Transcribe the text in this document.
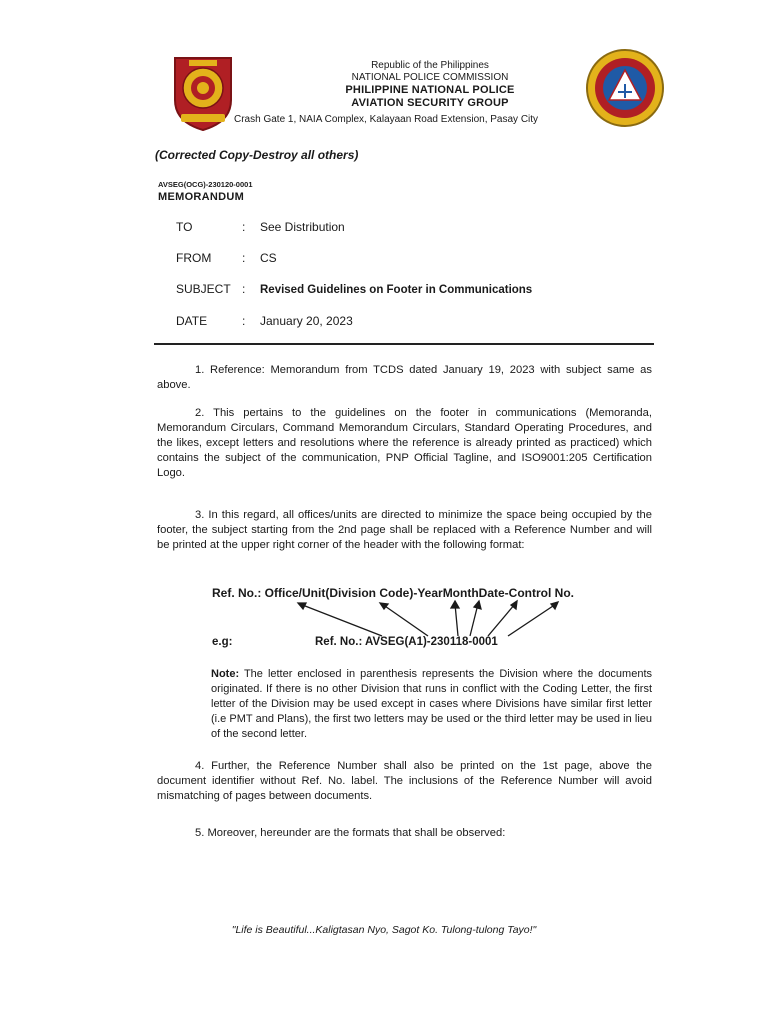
Republic of the Philippines
NATIONAL POLICE COMMISSION
PHILIPPINE NATIONAL POLICE
AVIATION SECURITY GROUP
Crash Gate 1, NAIA Complex, Kalayaan Road Extension, Pasay City
(Corrected Copy-Destroy all others)
AVSEG(OCG)-230120-0001
MEMORANDUM
TO	: See Distribution
FROM	: CS
SUBJECT : Revised Guidelines on Footer in Communications
DATE	: January 20, 2023
1. Reference: Memorandum from TCDS dated January 19, 2023 with subject same as above.
2. This pertains to the guidelines on the footer in communications (Memoranda, Memorandum Circulars, Command Memorandum Circulars, Standard Operating Procedures, and the likes, except letters and resolutions where the reference is already printed as practiced) which contains the subject of the communication, PNP Official Tagline, and ISO9001:205 Certification Logo.
3. In this regard, all offices/units are directed to minimize the space being occupied by the footer, the subject starting from the 2nd page shall be replaced with a Reference Number and will be printed at the upper right corner of the header with the following format:
Ref. No.: Office/Unit(Division Code)-YearMonthDate-Control No.
e.g:	Ref. No.: AVSEG(A1)-230118-0001
Note: The letter enclosed in parenthesis represents the Division where the documents originated. If there is no other Division that runs in conflict with the Coding Letter, the first letter of the Division may be used except in cases where Divisions have similar first letter (i.e PMT and Plans), the first two letters may be used or the third letter may be used in lieu of the second letter.
4. Further, the Reference Number shall also be printed on the 1st page, above the document identifier without Ref. No. label. The inclusions of the Reference Number will avoid mismatching of pages between documents.
5. Moreover, hereunder are the formats that shall be observed:
"Life is Beautiful...Kaligtasan Nyo, Sagot Ko. Tulong-tulong Tayo!"
